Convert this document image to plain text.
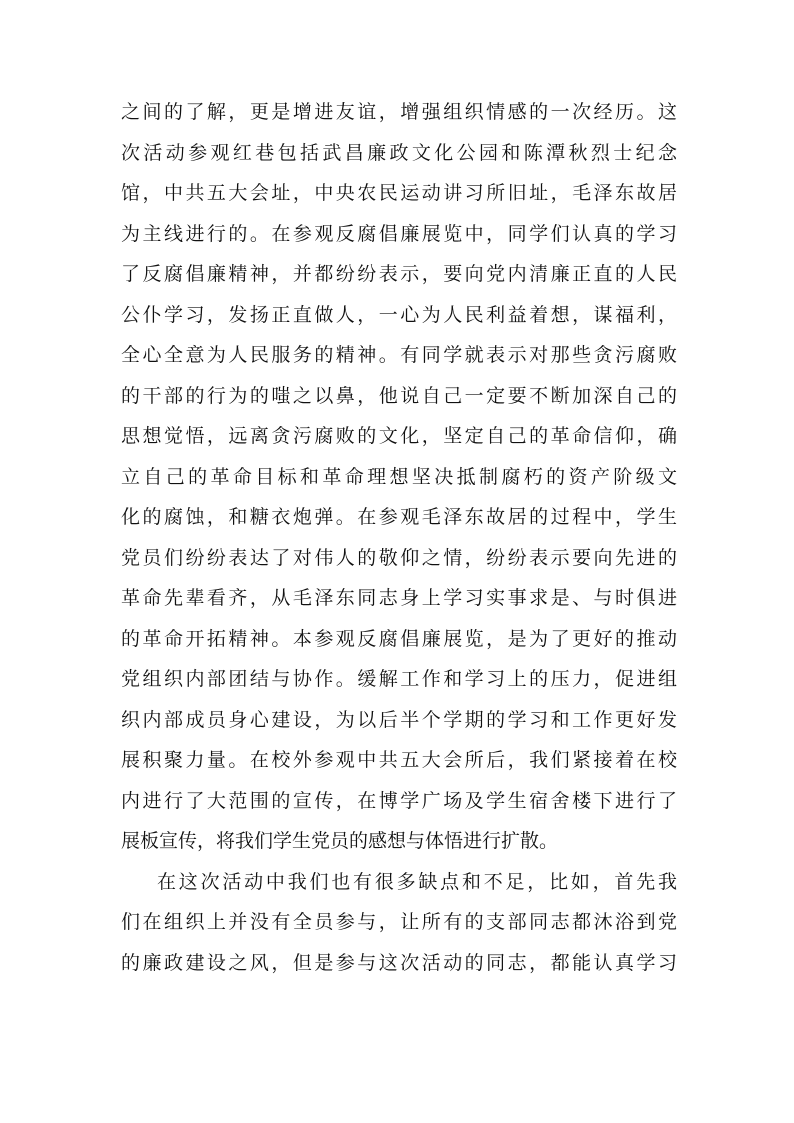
之间的了解，更是增进友谊，增强组织情感的一次经历。这
次活动参观红巷包括武昌廉政文化公园和陈潭秋烈士纪念
馆，中共五大会址，中央农民运动讲习所旧址，毛泽东故居
为主线进行的。在参观反腐倡廉展览中，同学们认真的学习
了反腐倡廉精神，并都纷纷表示，要向党内清廉正直的人民
公仆学习，发扬正直做人，一心为人民利益着想，谋福利，
全心全意为人民服务的精神。有同学就表示对那些贪污腐败
的干部的行为的嗤之以鼻，他说自己一定要不断加深自己的
思想觉悟，远离贪污腐败的文化，坚定自己的革命信仰，确
立自己的革命目标和革命理想坚决抵制腐朽的资产阶级文
化的腐蚀，和糖衣炮弹。在参观毛泽东故居的过程中，学生
党员们纷纷表达了对伟人的敬仰之情，纷纷表示要向先进的
革命先辈看齐，从毛泽东同志身上学习实事求是、与时俱进
的革命开拓精神。本参观反腐倡廉展览，是为了更好的推动
党组织内部团结与协作。缓解工作和学习上的压力，促进组
织内部成员身心建设，为以后半个学期的学习和工作更好发
展积聚力量。在校外参观中共五大会所后，我们紧接着在校
内进行了大范围的宣传，在博学广场及学生宿舍楼下进行了
展板宣传，将我们学生党员的感想与体悟进行扩散。
在这次活动中我们也有很多缺点和不足，比如，首先我
们在组织上并没有全员参与，让所有的支部同志都沐浴到党
的廉政建设之风，但是参与这次活动的同志，都能认真学习
